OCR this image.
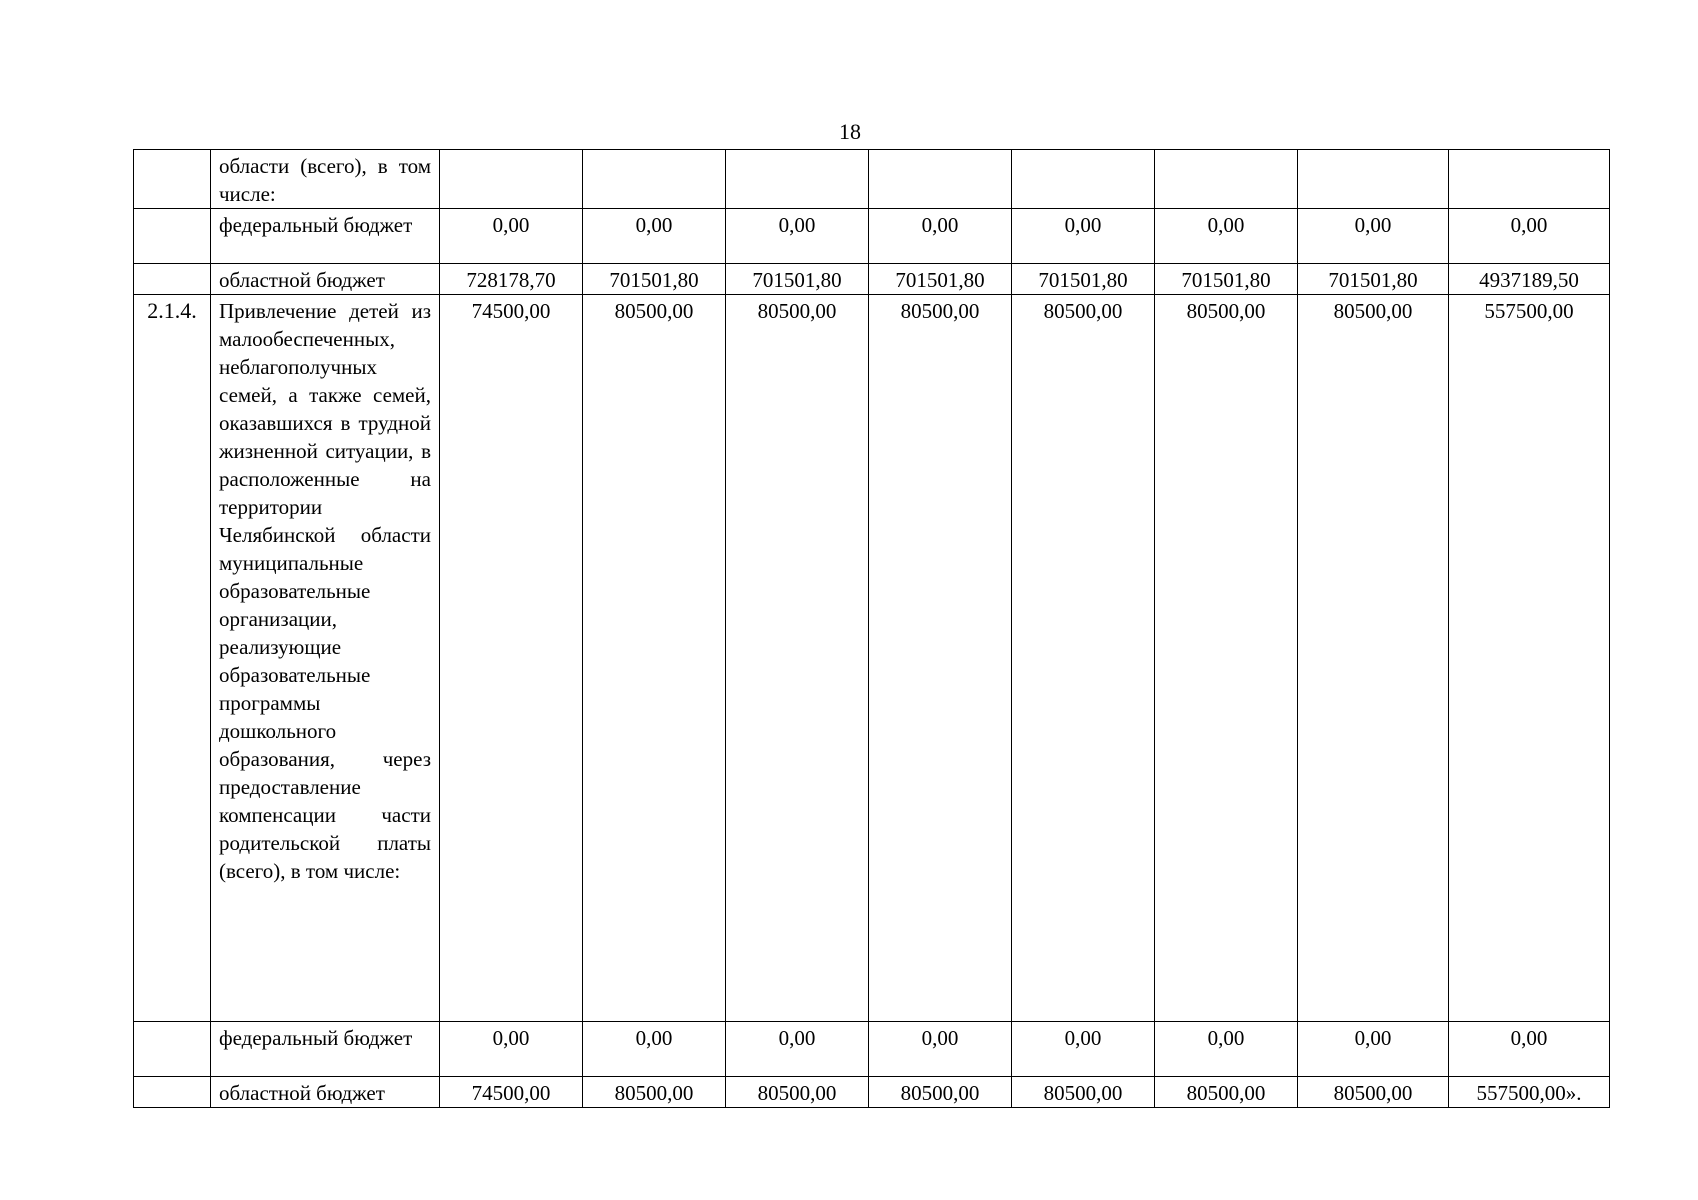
18
	области (всего), в том числе:								
	федеральный бюджет	0,00	0,00	0,00	0,00	0,00	0,00	0,00	0,00
	областной бюджет	728178,70	701501,80	701501,80	701501,80	701501,80	701501,80	701501,80	4937189,50
2.1.4.	Привлечение детей из малообеспеченных, неблагополучных семей, а также семей, оказавшихся в трудной жизненной ситуации, в расположенные на территории Челябинской области муниципальные образовательные организации, реализующие образовательные программы дошкольного образования, через предоставление компенсации части родительской платы (всего), в том числе:	74500,00	80500,00	80500,00	80500,00	80500,00	80500,00	80500,00	557500,00
	федеральный бюджет	0,00	0,00	0,00	0,00	0,00	0,00	0,00	0,00
	областной бюджет	74500,00	80500,00	80500,00	80500,00	80500,00	80500,00	80500,00	557500,00».
